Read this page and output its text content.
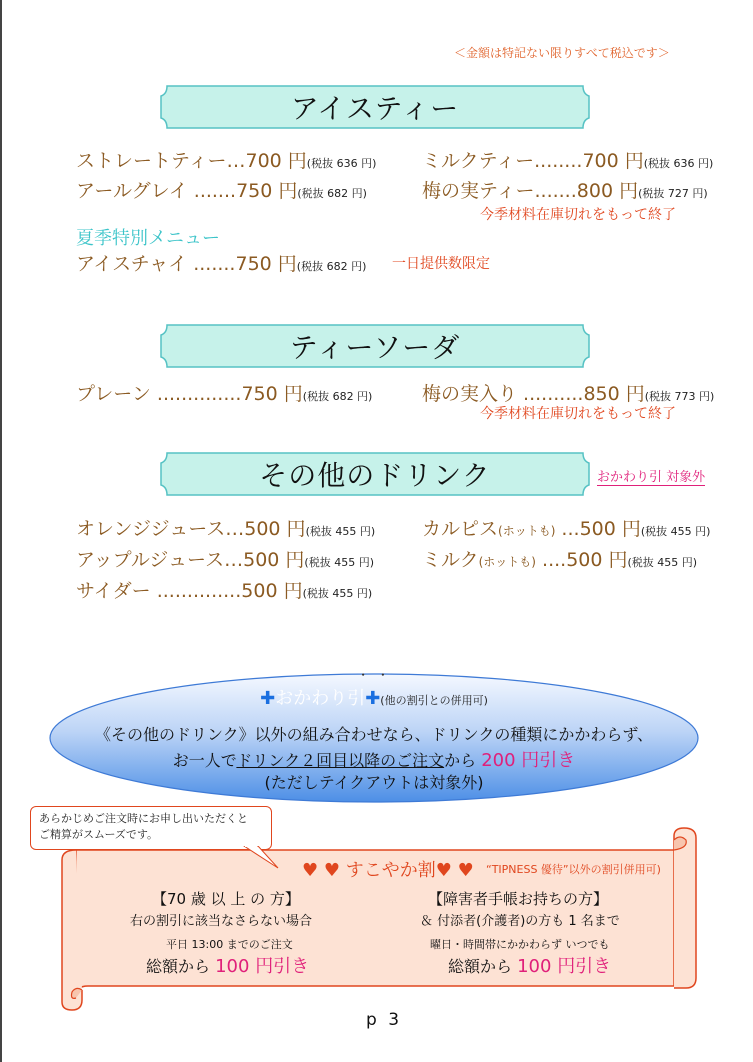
＜金額は特記ない限りすべて税込です＞
アイスティー
ストレートティー…700 円(税抜 636 円)
アールグレイ .......750 円(税抜 682 円)
ミルクティー........700 円(税抜 636 円)
梅の実ティー.......800 円(税抜 727 円)
今季材料在庫切れをもって終了
夏季特別メニュー
アイスチャイ .......750 円(税抜 682 円) 一日提供数限定
ティーソーダ
プレーン ..............750 円(税抜 682 円)	梅の実入り ..........850 円(税抜 773 円)
今季材料在庫切れをもって終了
その他のドリンク	おかわり引 対象外
オレンジジュース…500 円(税抜 455 円)
アップルジュース…500 円(税抜 455 円)
サイダー ..............500 円(税抜 455 円)
カルピス(ホットも) ...500 円(税抜 455 円)
ミルク(ホットも) ....500 円(税抜 455 円)
・ ・
✚おかわり引✚(他の割引との併用可)
《その他のドリンク》以外の組み合わせなら、ドリンクの種類にかかわらず、
お一人でドリンク２回目以降のご注文から 200 円引き
(ただしテイクアウトは対象外)
♥ ♥ すこやか割♥ ♥ “TIPNESS 優待”以外の割引併用可)
【70 歳 以 上 の 方】
右の割引に該当なさらない場合
平日 13:00 までのご注文
総額から 100 円引き
【障害者手帳お持ちの方】
＆ 付添者(介護者)の方も 1 名まで
曜日・時間帯にかかわらず いつでも
総額から 100 円引き
あらかじめご注文時にお申し出いただくと
ご精算がスムーズです。
p 3
